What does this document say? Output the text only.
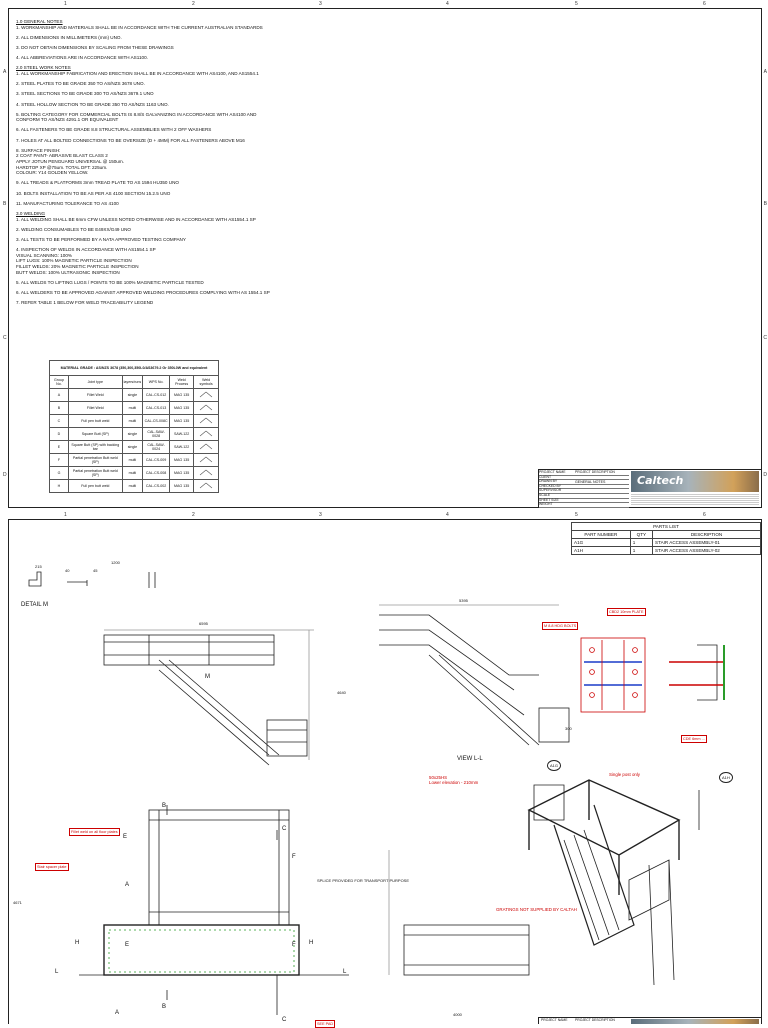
1	2	3	4	5	6
A
B
C
D
A
B
C
D
1.0 GENERAL NOTES
1. WORKMANSHIP AND MATERIALS SHALL BE IN ACCORDANCE WITH THE CURRENT AUSTRALIAN STANDARDS
2. ALL DIMENSIONS IN MILLIMETERS (mm) UNO.
3. DO NOT OBTAIN DIMENSIONS BY SCALING FROM THESE DRAWINGS
4. ALL ABBREVIATIONS ARE IN ACCORDANCE WITH AS1100.
2.0 STEEL WORK NOTES
1. ALL WORKMANSHIP FABRICATION AND ERECTION SHALL BE IN ACCORDANCE WITH AS4100, AND AS1554.1
2. STEEL PLATES TO BE GRADE 350 TO AS/NZS 3678 UNO.
3. STEEL SECTIONS TO BE GRADE 300 TO AS/NZS 3679.1 UNO
4. STEEL HOLLOW SECTION TO BE GRADE 350 TO AS/NZS 1163 UNO.
5. BOLTING CATEGORY FOR COMMERCIAL BOLTS IS 8.8/S GALVANIZING IN ACCORDANCE WITH AS4100 AND
CONFORM TO AS/NZS 4291.1 OR EQUIVALENT
6. ALL FASTENERS TO BE GRADE 8.8 STRUCTURAL ASSEMBLIES WITH 2 OFF WASHERS
7. HOLES AT ALL BOLTED CONNECTIONS TO BE OVERSIZE (D + 4MM) FOR ALL FASTENERS ABOVE M16
8. SURFACE FINISH:
2 COAT PAINT- ABRASIVE BLAST CLASS 2
APPLY JOTUN PENGUARD UNIVERSAL @ 150um.
HARDTOP XP @75um. TOTAL DFT: 225um.
COLOUR: Y14 GOLDEN YELLOW.
9. ALL TREADS & PLATFORMS 3mm TREAD PLATE TO AS 1594 HU350 UNO
10. BOLTS INSTALLATION TO BE AS PER AS 4100 SECTION 15.2.5 UNO
11. MANUFACTURING TOLERANCE TO AS 4100
3.0 WELDING
1. ALL WELDING SHALL BE 6mm CFW UNLESS NOTED OTHERWISE AND IN ACCORDANCE WITH AS1554.1 SP
2. WELDING CONSUMABLES TO BE E49XX/G49 UNO
3. ALL TESTS TO BE PERFORMED BY A NATA APPROVED TESTING COMPANY
4. INSPECTION OF WELDS IN ACCORDANCE WITH AS1554.1 SP
VISUAL SCANNING: 100%
LIFT LUGS: 100% MAGNETIC PARTICLE INSPECTION
FILLET WELDS: 20% MAGNETIC PARTICLE INSPECTION
BUTT WELDS: 100% ULTRASONIC INSPECTION
5. ALL WELDS TO LIFTING LUGS / POINTS TO BE 100% MAGNETIC PARTICLE TESTED
6. ALL WELDERS TO BE APPROVED AGAINST APPROVED WELDING PROCEDURES COMPLYING WITH AS 1554.1 SP
7. REFER TABLE 1 BELOW FOR WELD TRACEABILITY LEGEND
MATERIAL GRADE : AS/NZS 3678 (350,300,350L0/AS3679.2 Gr 350L0W and equivalent					
Group No.	Joint type	layers/runs	WPS No.	Weld Process	Weld symbols
A	Fillet Weld	single	CAL-CS-012	MAG 135	
B	Fillet Weld	multi	CAL-CS-013	MAG 135	
C	Full pen butt weld	multi	CAL-CS-008C	MAG 135	
D	Square Butt (SP)	single	CAL-SAW-0028	SAW-122	
E	Square Butt (SP) with backing bar	single	CAL-SAW-0024	SAW-122	
F	Partial penetration Butt weld (SP)	multi	CAL-CS-009	MAG 135	
G	Partial penetration Butt weld (SP)	multi	CAL-CS-008	MAG 135	
H	Full pen butt weld	multi	CAL-CS-002	MAG 135	
PROJECT NAME
CLIENT
DRAWN BY
CHECKED BY
SUPERVISOR
SCALE
SHEET SIZE
WEIGHT
PROJECT DESCRIPTION
GENERAL NOTES	Caltech
1	2	3	4	5	6
PARTS LIST		
PART NUMBER	QTY	DESCRIPTION
A1G	1	STAIR ACCESS ASSEMBLY-01
A1H	1	STAIR ACCESS ASSEMBLY-02
DETAIL M
1200
215
40	45
6595
4640
5395
4671
4000
300
VIEW L-L
SPLICE PROVIDED FOR TRANSPORT PURPOSE
GRATINGS NOT SUPPLIED BY CALTAH
Single post only
50x25HS
Lower elevation - 210mm
M 8.8 HDG BOLTS
CBD2 10mm PLATE
Fillet weld on all floor plates
Stair spacer plate
CDE 6mm ...
SEE PAD
A1G
A1H
A
A
B
B
C
C
E
E
F
F
H	H
L	L
M
PROJECT NAME PROJECT DESCRIPTION
